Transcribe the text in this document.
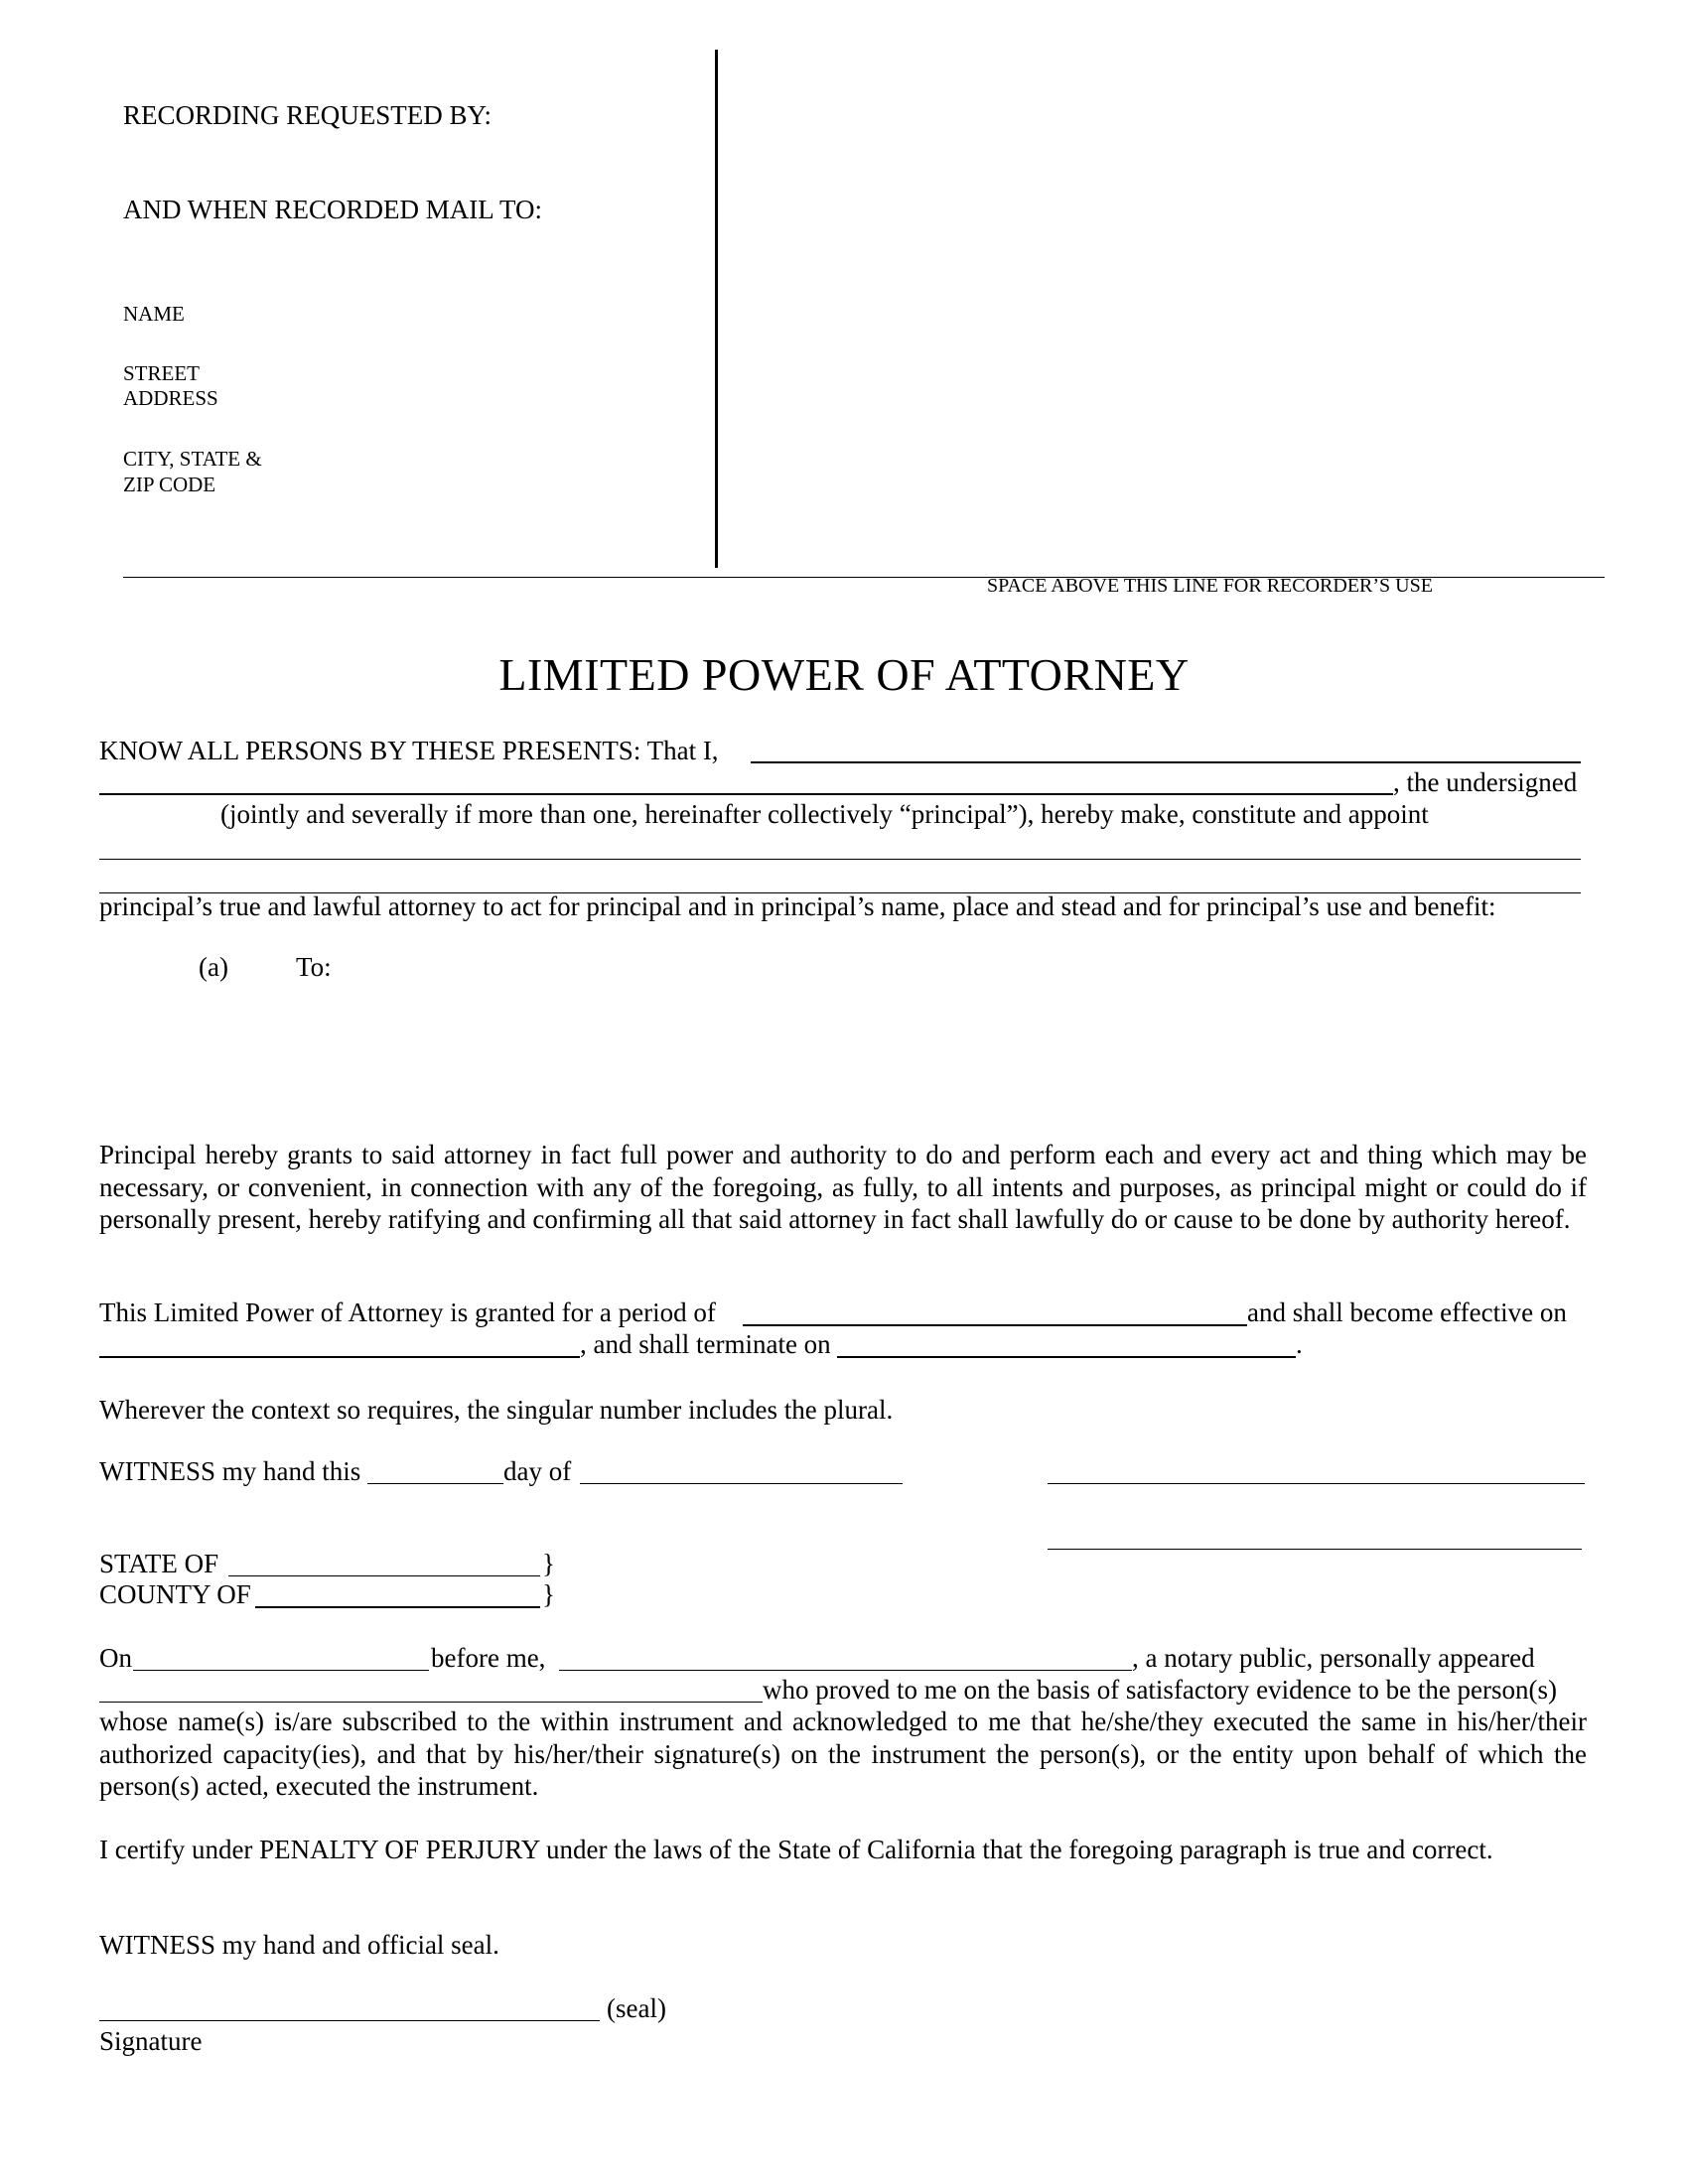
RECORDING REQUESTED BY:
AND WHEN RECORDED MAIL TO:
NAME
STREET
ADDRESS
CITY, STATE &
ZIP CODE
SPACE ABOVE THIS LINE FOR RECORDER’S USE
LIMITED POWER OF ATTORNEY
KNOW ALL PERSONS BY THESE PRESENTS: That I,
, the undersigned
(jointly and severally if more than one, hereinafter collectively “principal”), hereby make, constitute and appoint
principal’s true and lawful attorney to act for principal and in principal’s name, place and stead and for principal’s use and benefit:
(a)	To:
Principal hereby grants to said attorney in fact full power and authority to do and perform each and every act and thing which may be necessary, or convenient, in connection with any of the foregoing, as fully, to all intents and purposes, as principal might or could do if personally present, hereby ratifying and confirming all that said attorney in fact shall lawfully do or cause to be done by authority hereof.
This Limited Power of Attorney is granted for a period of	and shall become effective on
, and shall terminate on	.
Wherever the context so requires, the singular number includes the plural.
WITNESS my hand this	day of
STATE OF	}
COUNTY OF	}
On	before me,	, a notary public, personally appeared
who proved to me on the basis of satisfactory evidence to be the person(s)
whose name(s) is/are subscribed to the within instrument and acknowledged to me that he/she/they executed the same in his/her/their authorized capacity(ies), and that by his/her/their signature(s) on the instrument the person(s), or the entity upon behalf of which the person(s) acted, executed the instrument.
I certify under PENALTY OF PERJURY under the laws of the State of California that the foregoing paragraph is true and correct.
WITNESS my hand and official seal.
(seal)
Signature
